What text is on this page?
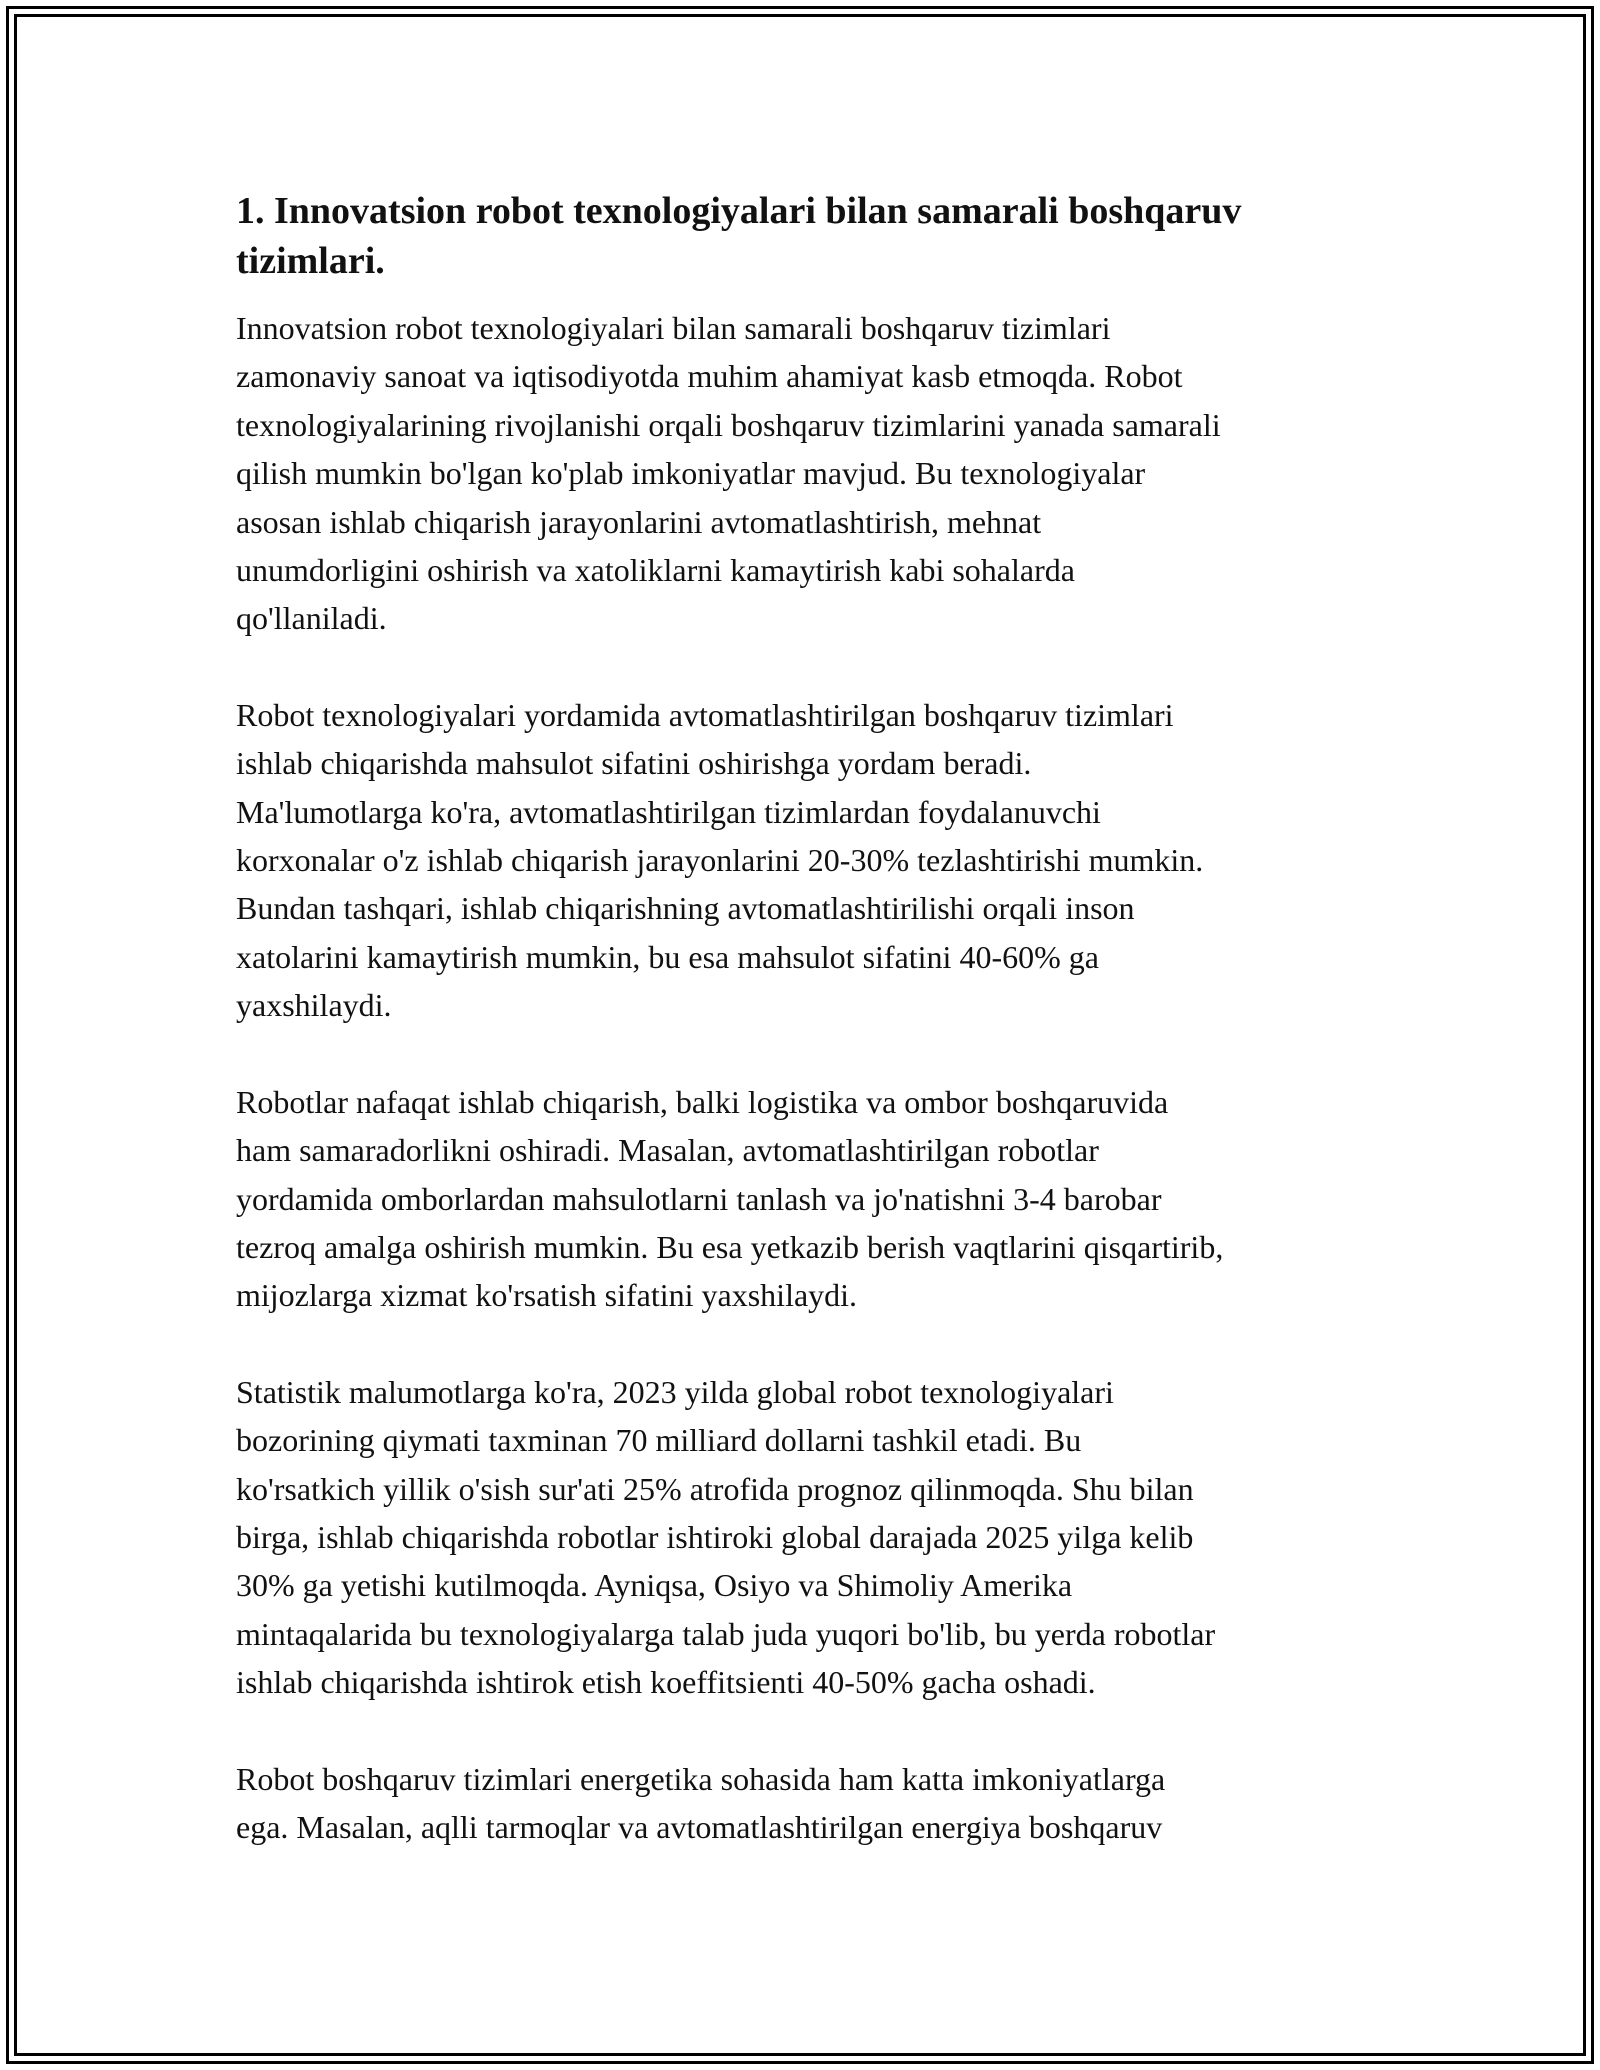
1. Innovatsion robot texnologiyalari bilan samarali boshqaruv
tizimlari.

Innovatsion robot texnologiyalari bilan samarali boshqaruv tizimlari
zamonaviy sanoat va iqtisodiyotda muhim ahamiyat kasb etmoqda. Robot
texnologiyalarining rivojlanishi orqali boshqaruv tizimlarini yanada samarali
qilish mumkin bo'lgan ko'plab imkoniyatlar mavjud. Bu texnologiyalar
asosan ishlab chiqarish jarayonlarini avtomatlashtirish, mehnat
unumdorligini oshirish va xatoliklarni kamaytirish kabi sohalarda
qo'llaniladi.

Robot texnologiyalari yordamida avtomatlashtirilgan boshqaruv tizimlari
ishlab chiqarishda mahsulot sifatini oshirishga yordam beradi.
Ma'lumotlarga ko'ra, avtomatlashtirilgan tizimlardan foydalanuvchi
korxonalar o'z ishlab chiqarish jarayonlarini 20-30% tezlashtirishi mumkin.
Bundan tashqari, ishlab chiqarishning avtomatlashtirilishi orqali inson
xatolarini kamaytirish mumkin, bu esa mahsulot sifatini 40-60% ga
yaxshilaydi.

Robotlar nafaqat ishlab chiqarish, balki logistika va ombor boshqaruvida
ham samaradorlikni oshiradi. Masalan, avtomatlashtirilgan robotlar
yordamida omborlardan mahsulotlarni tanlash va jo'natishni 3-4 barobar
tezroq amalga oshirish mumkin. Bu esa yetkazib berish vaqtlarini qisqartirib,
mijozlarga xizmat ko'rsatish sifatini yaxshilaydi.

Statistik malumotlarga ko'ra, 2023 yilda global robot texnologiyalari
bozorining qiymati taxminan 70 milliard dollarni tashkil etadi. Bu
ko'rsatkich yillik o'sish sur'ati 25% atrofida prognoz qilinmoqda. Shu bilan
birga, ishlab chiqarishda robotlar ishtiroki global darajada 2025 yilga kelib
30% ga yetishi kutilmoqda. Ayniqsa, Osiyo va Shimoliy Amerika
mintaqalarida bu texnologiyalarga talab juda yuqori bo'lib, bu yerda robotlar
ishlab chiqarishda ishtirok etish koeffitsienti 40-50% gacha oshadi.

Robot boshqaruv tizimlari energetika sohasida ham katta imkoniyatlarga
ega. Masalan, aqlli tarmoqlar va avtomatlashtirilgan energiya boshqaruv
